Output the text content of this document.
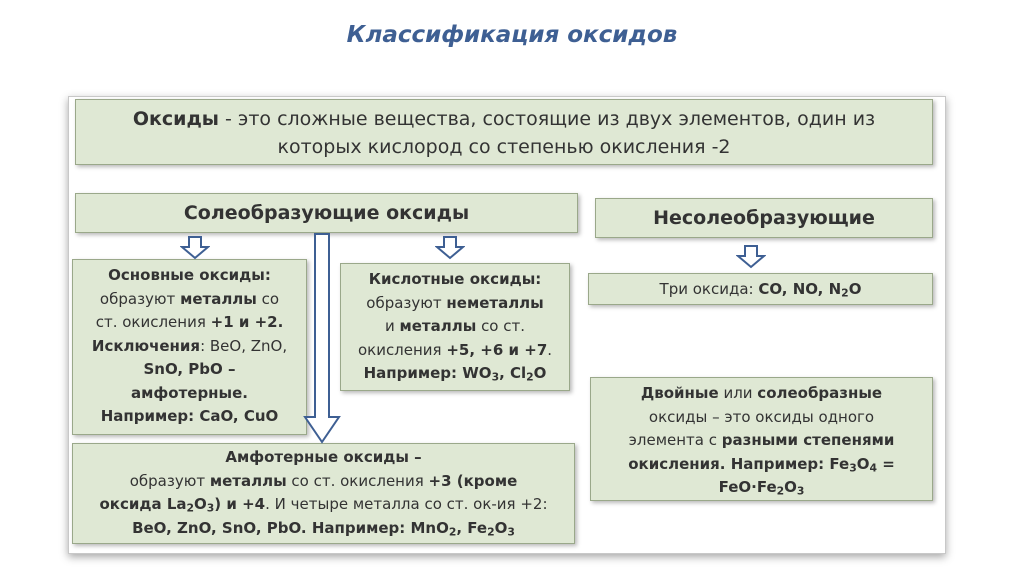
Классификация оксидов
Оксиды - это сложные вещества, состоящие из двух элементов, один из
которых кислород со степенью окисления -2
Солеобразующие оксиды	Несолеобразующие
Три оксида: CO, NO, $N_2O$
Основные оксиды:
образуют металлы со
ст. окисления +1 и +2.
Исключения: BeO, ZnO,
SnO, PbO –
амфотерные.
Например: CaO, CuO
Кислотные оксиды:
образуют неметаллы
и металлы со ст.
окисления +5, +6 и +7.
Например: $WO_3$, $Cl_2O$
Амфотерные оксиды –
образуют металлы со ст. окисления +3 (кроме
оксида $La_2O_3$) и +4. И четыре металла со ст. ок-ия +2:
BeO, ZnO, SnO, PbO. Например: MnO$_2$, $Fe_2O_3$
Двойные или солеобразные
оксиды – это оксиды одного
элемента с разными степенями
окисления. Например: $Fe_3O_4$ =
$FeO\cdot Fe_2O_3$
